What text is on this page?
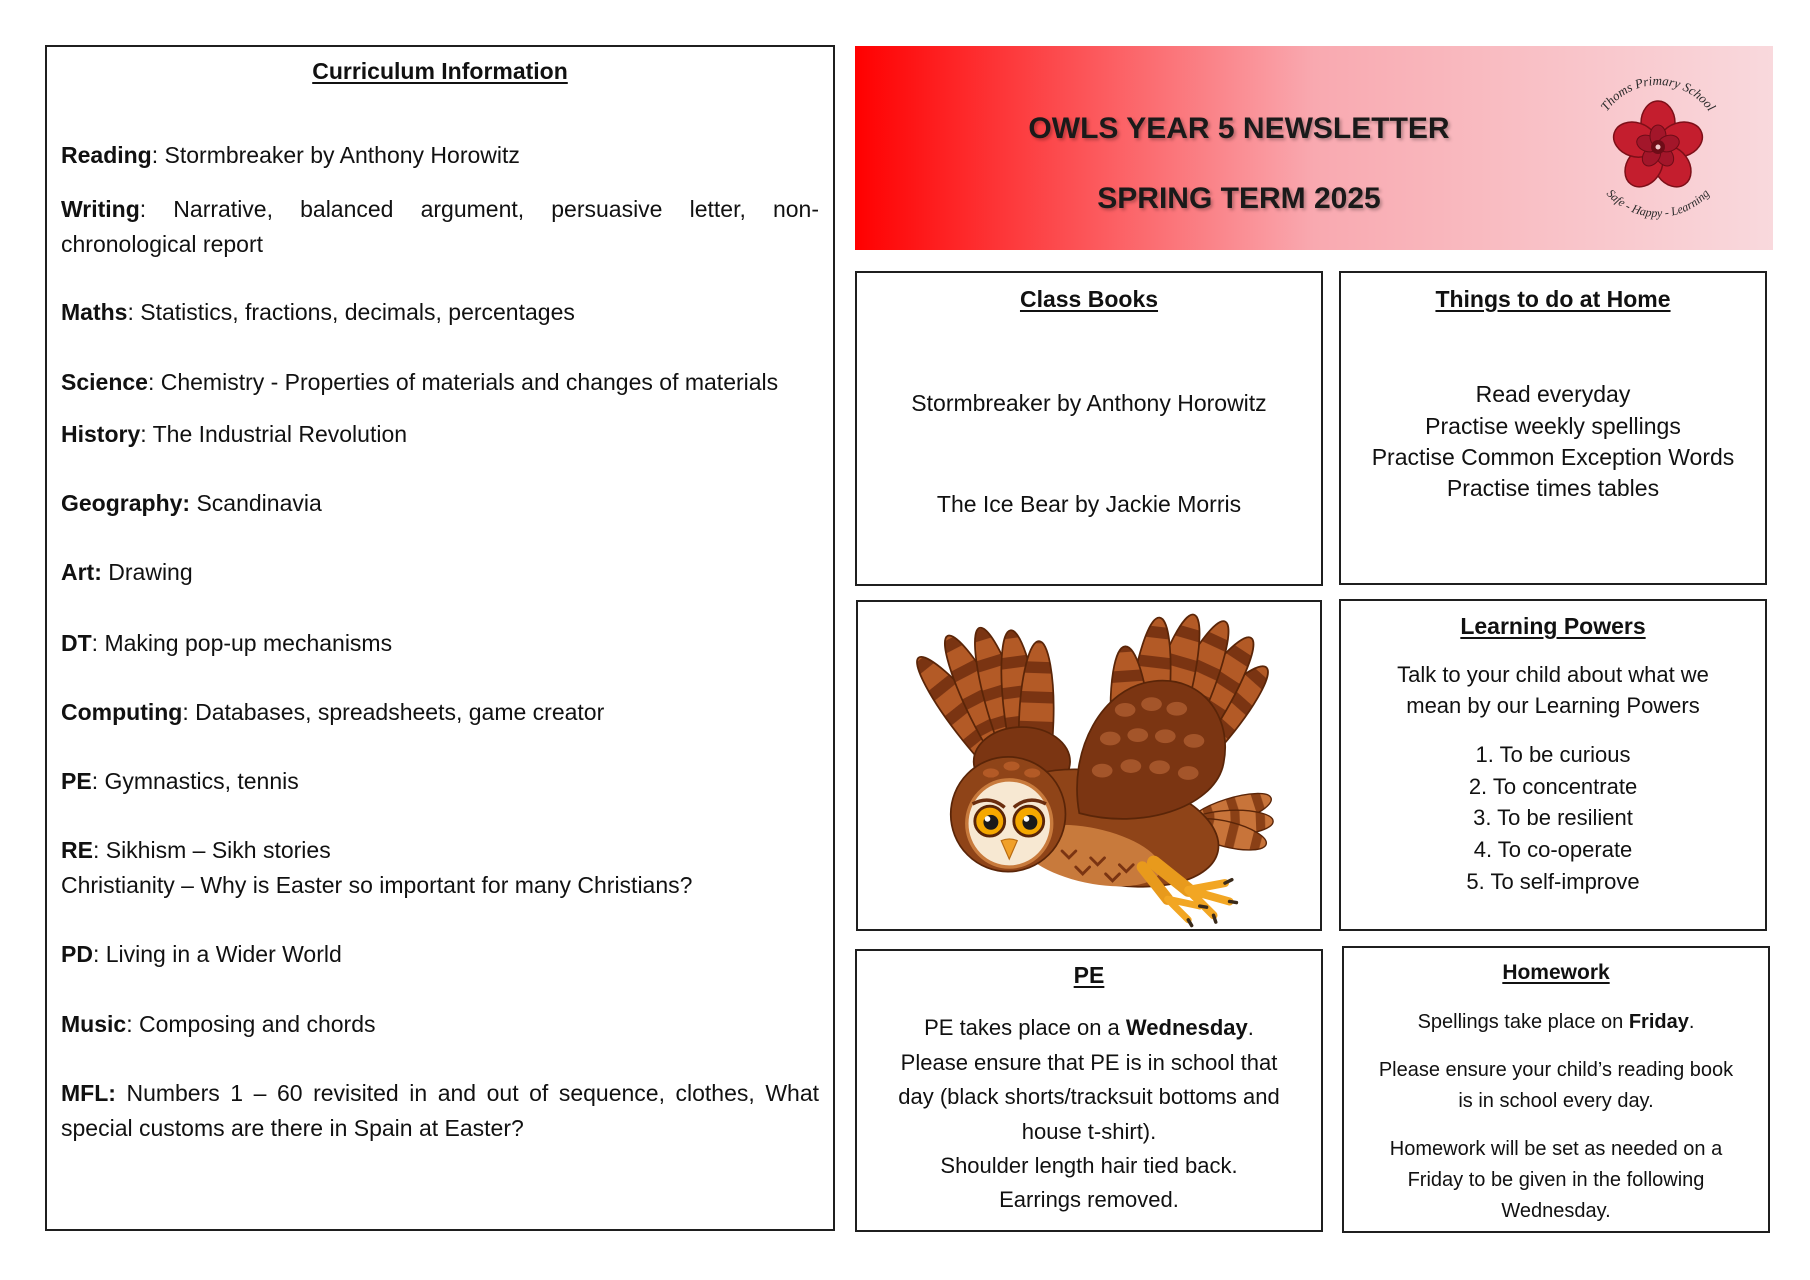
Curriculum Information
Reading: Stormbreaker by Anthony Horowitz
Writing: Narrative, balanced argument, persuasive letter, non-chronological report
Maths: Statistics, fractions, decimals, percentages
Science: Chemistry - Properties of materials and changes of materials
History: The Industrial Revolution
Geography: Scandinavia
Art: Drawing
DT: Making pop-up mechanisms
Computing: Databases, spreadsheets, game creator
PE: Gymnastics, tennis
RE: Sikhism – Sikh stories
Christianity – Why is Easter so important for many Christians?
PD: Living in a Wider World
Music: Composing and chords
MFL: Numbers 1 – 60 revisited in and out of sequence, clothes, What special customs are there in Spain at Easter?
OWLS YEAR 5 NEWSLETTER
SPRING TERM 2025
Thoms Primary School
Safe - Happy - Learning
Class Books
Stormbreaker by Anthony Horowitz
The Ice Bear by Jackie Morris
Things to do at Home
Read everyday
Practise weekly spellings
Practise Common Exception Words
Practise times tables
Learning Powers
Talk to your child about what we
mean by our Learning Powers
1. To be curious
2. To concentrate
3. To be resilient
4. To co-operate
5. To self-improve
PE
PE takes place on a Wednesday.
Please ensure that PE is in school that
day (black shorts/tracksuit bottoms and
house t-shirt).
Shoulder length hair tied back.
Earrings removed.
Homework
Spellings take place on Friday.
Please ensure your child’s reading book
is in school every day.
Homework will be set as needed on a
Friday to be given in the following
Wednesday.
